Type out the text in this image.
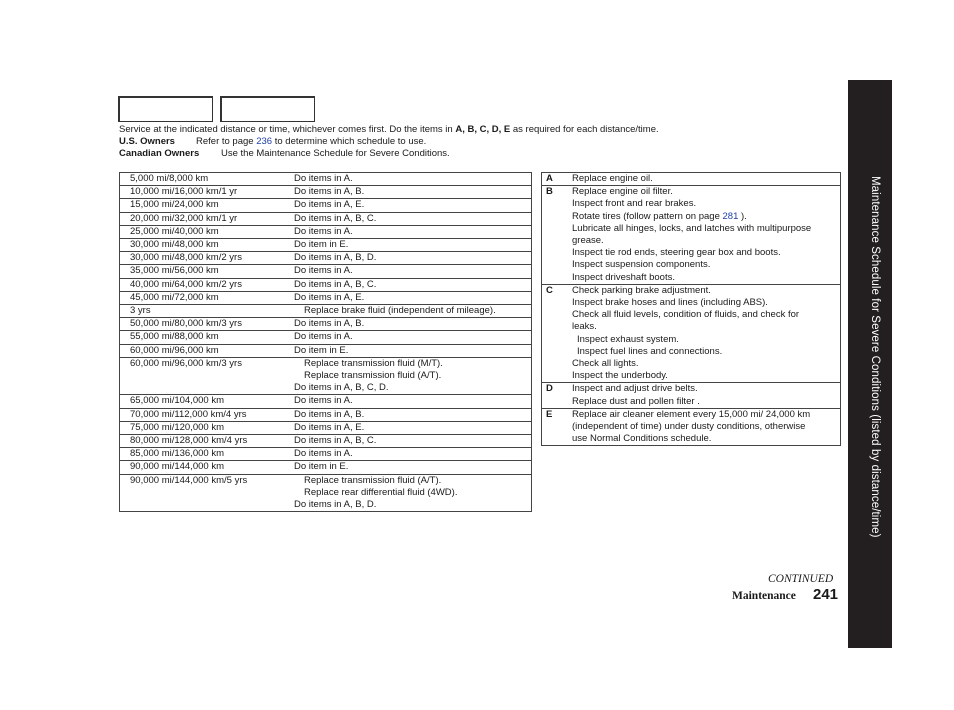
Service at the indicated distance or time, whichever comes first. Do the items in A, B, C, D, E as required for each distance/time.
U.S. Owners Refer to page 236 to determine which schedule to use.
Canadian Owners Use the Maintenance Schedule for Severe Conditions.
5,000 mi/8,000 km	Do items in A.
10,000 mi/16,000 km/1 yr	Do items in A, B.
15,000 mi/24,000 km	Do items in A, E.
20,000 mi/32,000 km/1 yr	Do items in A, B, C.
25,000 mi/40,000 km	Do items in A.
30,000 mi/48,000 km	Do item in E.
30,000 mi/48,000 km/2 yrs	Do items in A, B, D.
35,000 mi/56,000 km	Do items in A.
40,000 mi/64,000 km/2 yrs	Do items in A, B, C.
45,000 mi/72,000 km	Do items in A, E.
3 yrs	Replace brake fluid (independent of mileage).
50,000 mi/80,000 km/3 yrs	Do items in A, B.
55,000 mi/88,000 km	Do items in A.
60,000 mi/96,000 km	Do item in E.
60,000 mi/96,000 km/3 yrs	Replace transmission fluid (M/T).
Replace transmission fluid (A/T).
Do items in A, B, C, D.
65,000 mi/104,000 km	Do items in A.
70,000 mi/112,000 km/4 yrs	Do items in A, B.
75,000 mi/120,000 km	Do items in A, E.
80,000 mi/128,000 km/4 yrs	Do items in A, B, C.
85,000 mi/136,000 km	Do items in A.
90,000 mi/144,000 km	Do item in E.
90,000 mi/144,000 km/5 yrs	Replace transmission fluid (A/T).
Replace rear differential fluid (4WD).
Do items in A, B, D.
A	Replace engine oil.
B	Replace engine oil filter.
Inspect front and rear brakes.
Rotate tires (follow pattern on page 281 ).
Lubricate all hinges, locks, and latches with multipurpose grease.
Inspect tie rod ends, steering gear box and boots.
Inspect suspension components.
Inspect driveshaft boots.
C	Check parking brake adjustment.
Inspect brake hoses and lines (including ABS).
Check all fluid levels, condition of fluids, and check for leaks.
Inspect exhaust system.
Inspect fuel lines and connections.
Check all lights.
Inspect the underbody.
D	Inspect and adjust drive belts.
Replace dust and pollen filter .
E	Replace air cleaner element every 15,000 mi/ 24,000 km (independent of time) under dusty conditions, otherwise use Normal Conditions schedule.
CONTINUED
Maintenance 241
Maintenance Schedule for Severe Conditions (listed by distance/time)
